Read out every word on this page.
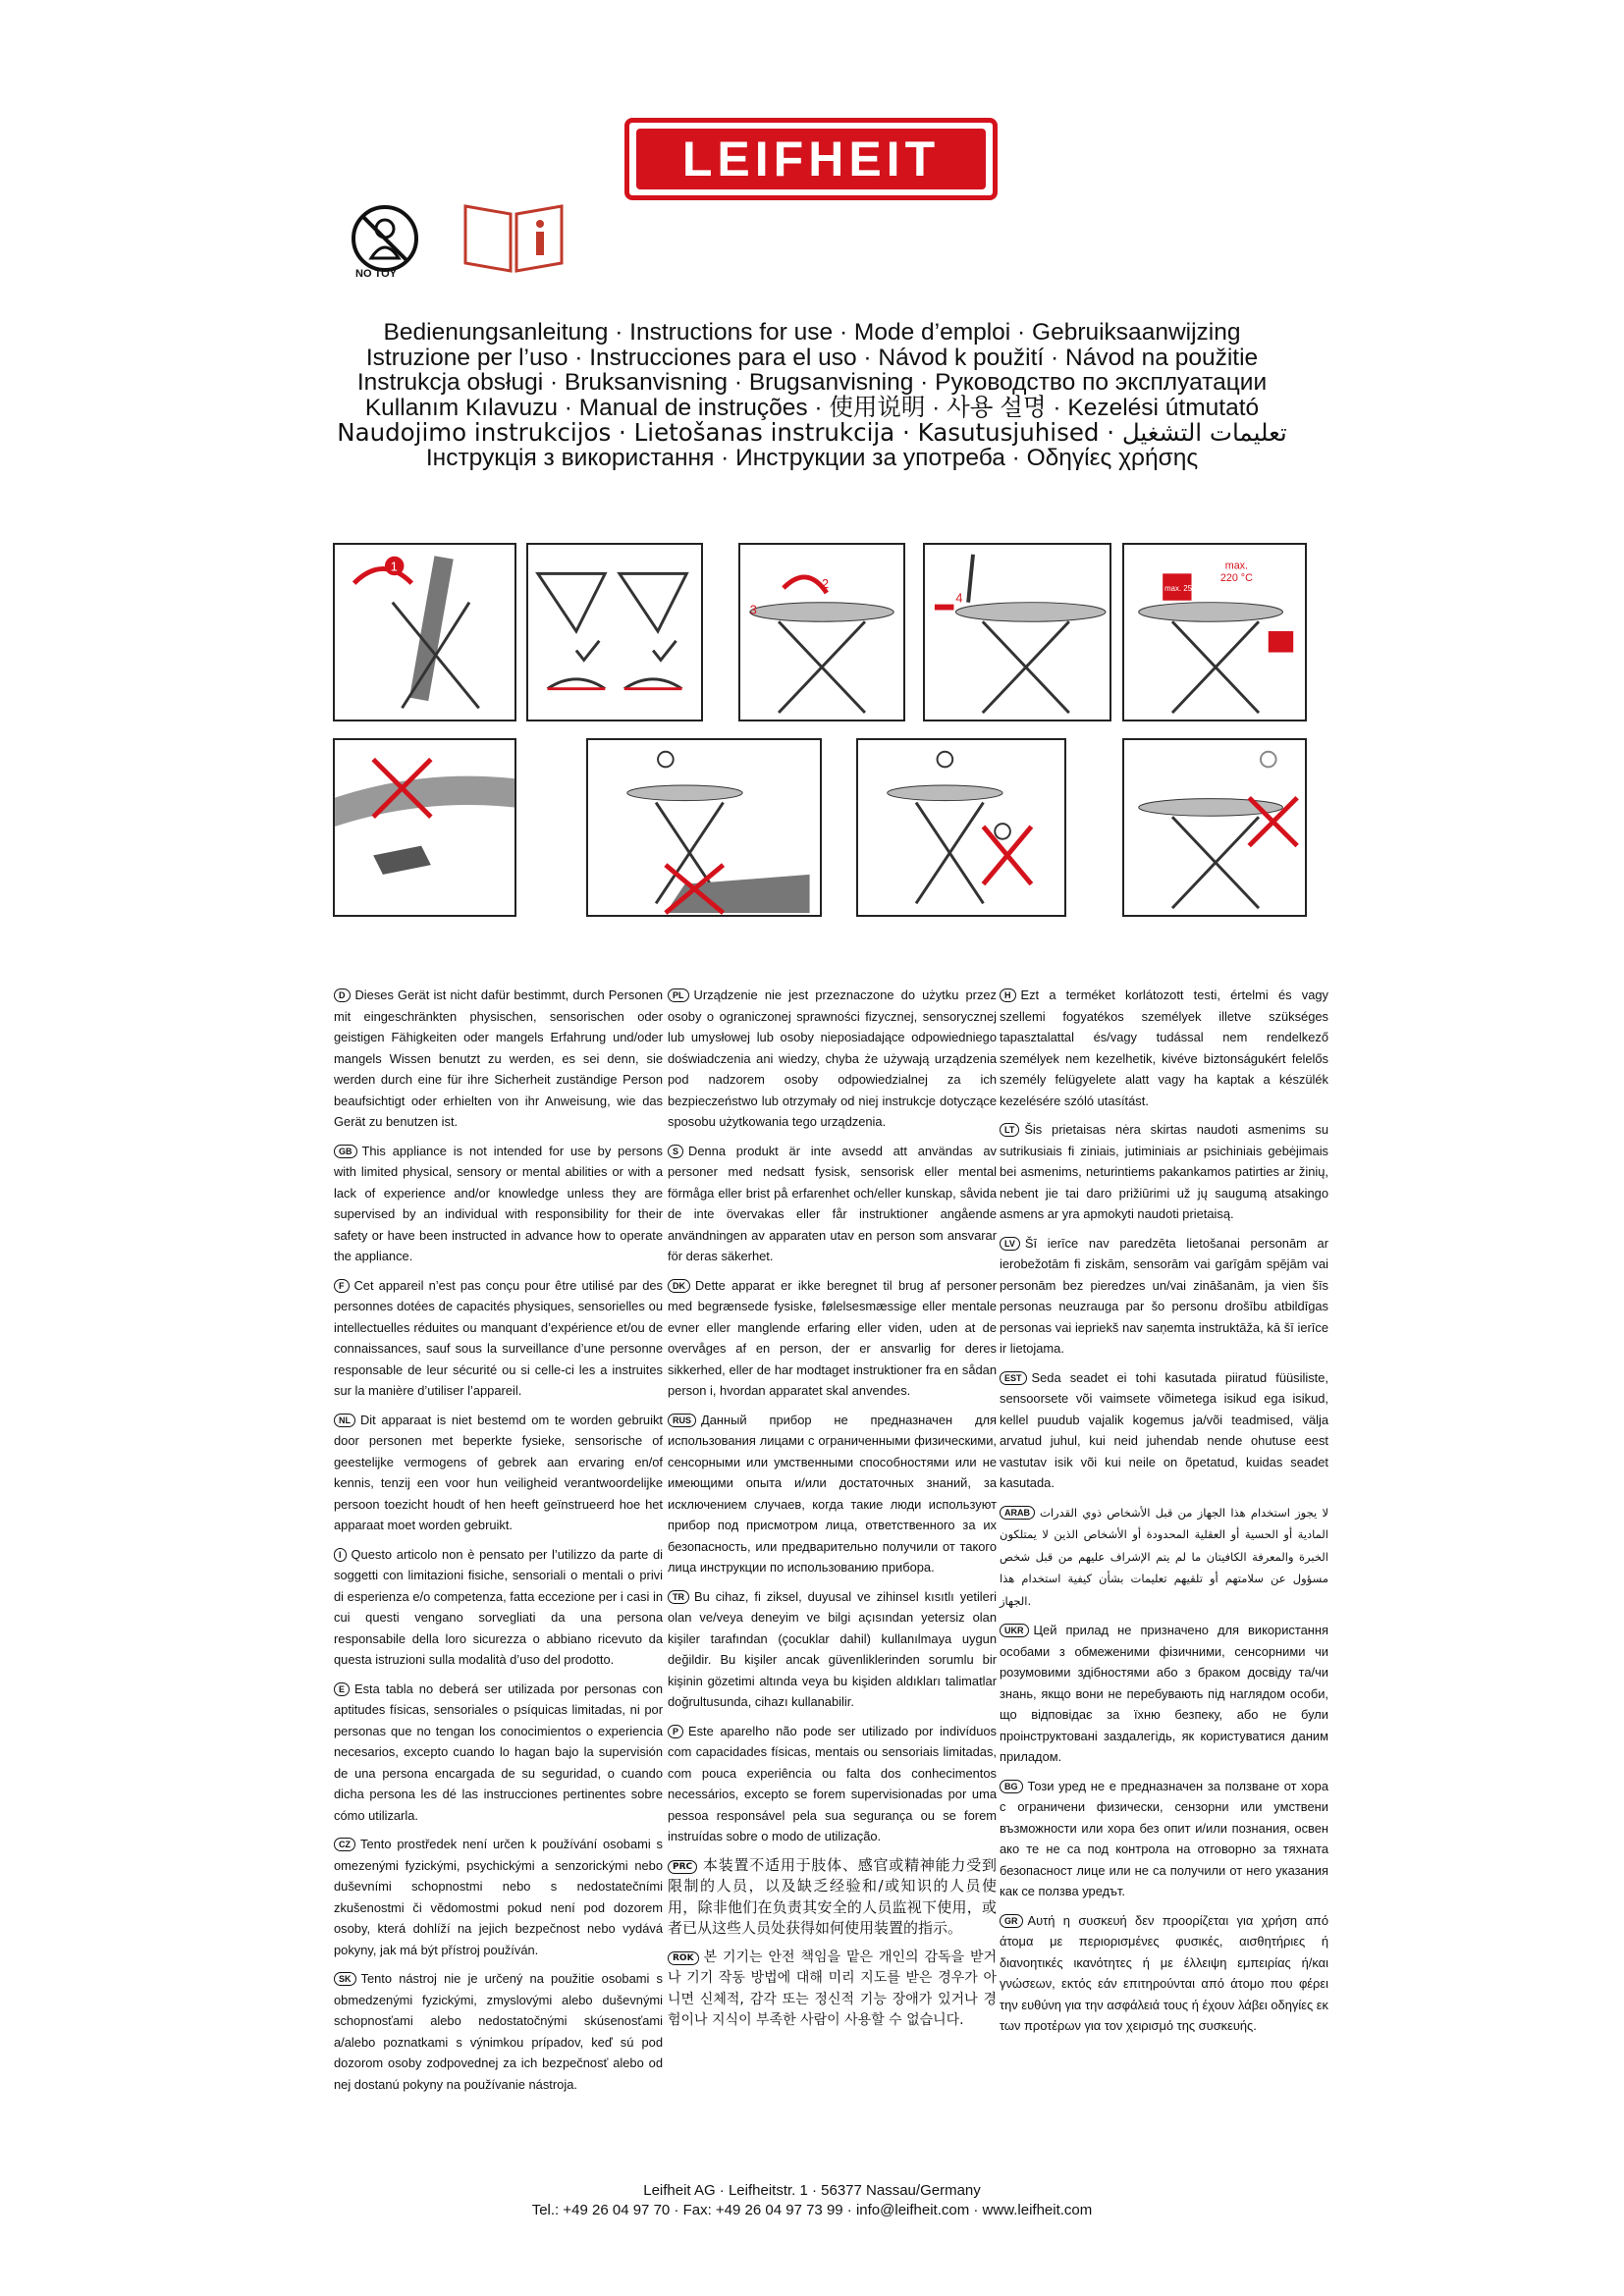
LEIFHEIT
NO TOY
Bedienungsanleitung · Instructions for use · Mode d’emploi · Gebruiksaanwijzing
Istruzione per l’uso · Instrucciones para el uso · Návod k použití · Návod na použitie
Instrukcja obsługi · Bruksanvisning · Brugsanvisning · Руководство по эксплуатации
Kullanım Kılavuzu · Manual de instruções · 使用说明 · 사용 설명 · Kezelési útmutató
Naudojimo instrukcijos · Lietošanas instrukcija · Kasutusjuhised · تعليمات التشغيل
Інструкція з використання · Инструкции за употреба · Οδηγίες χρήσης
1
3
2
4
max. 25 kg
max.
220 °C

D Dieses Gerät ist nicht dafür bestimmt, durch Personen mit eingeschränkten physischen, sensorischen oder geistigen Fähigkeiten oder mangels Erfahrung und/oder mangels Wissen benutzt zu werden, es sei denn, sie werden durch eine für ihre Sicherheit zuständige Person beaufsichtigt oder erhielten von ihr Anweisung, wie das Gerät zu benutzen ist.

GB This appliance is not intended for use by persons with limited physical, sensory or mental abilities or with a lack of experience and/or knowledge unless they are supervised by an individual with responsibility for their safety or have been instructed in advance how to operate the appliance.

F Cet appareil n’est pas conçu pour être utilisé par des personnes dotées de capacités physiques, sensorielles ou intellectuelles réduites ou manquant d’expérience et/ou de connaissances, sauf sous la surveillance d’une personne responsable de leur sécurité ou si celle-ci les a instruites sur la manière d’utiliser l’appareil.

NL Dit apparaat is niet bestemd om te worden gebruikt door personen met beperkte fysieke, sensorische of geestelijke vermogens of gebrek aan ervaring en/of kennis, tenzij een voor hun veiligheid verantwoordelijke persoon toezicht houdt of hen heeft geïnstrueerd hoe het apparaat moet worden gebruikt.

I Questo articolo non è pensato per l’utilizzo da parte di soggetti con limitazioni fisiche, sensoriali o mentali o privi di esperienza e/o competenza, fatta eccezione per i casi in cui questi vengano sorvegliati da una persona responsabile della loro sicurezza o abbiano ricevuto da questa istruzioni sulla modalità d’uso del prodotto.

E Esta tabla no deberá ser utilizada por personas con aptitudes físicas, sensoriales o psíquicas limitadas, ni por personas que no tengan los conocimientos o experiencia necesarios, excepto cuando lo hagan bajo la supervisión de una persona encargada de su seguridad, o cuando dicha persona les dé las instrucciones pertinentes sobre cómo utilizarla.

CZ Tento prostředek není určen k používání osobami s omezenými fyzickými, psychickými a senzorickými nebo duševními schopnostmi nebo s nedostatečními zkušenostmi či vědomostmi pokud není pod dozorem osoby, která dohlíží na jejich bezpečnost nebo vydává pokyny, jak má být přístroj používán.

SK Tento nástroj nie je určený na použitie osobami s obmedzenými fyzickými, zmyslovými alebo duševnými schopnosťami alebo nedostatočnými skúsenosťami a/alebo poznatkami s výnimkou prípadov, keď sú pod dozorom osoby zodpovednej za ich bezpečnosť alebo od nej dostanú pokyny na používanie nástroja.

PL Urządzenie nie jest przeznaczone do użytku przez osoby o ograniczonej sprawności fizycznej, sensorycznej lub umysłowej lub osoby nieposiadające odpowiedniego doświadczenia ani wiedzy, chyba że używają urządzenia pod nadzorem osoby odpowiedzialnej za ich bezpieczeństwo lub otrzymały od niej instrukcje dotyczące sposobu użytkowania tego urządzenia.

S Denna produkt är inte avsedd att användas av personer med nedsatt fysisk, sensorisk eller mental förmåga eller brist på erfarenhet och/eller kunskap, såvida de inte övervakas eller får instruktioner angående användningen av apparaten utav en person som ansvarar för deras säkerhet.

DK Dette apparat er ikke beregnet til brug af personer med begrænsede fysiske, følelsesmæssige eller mentale evner eller manglende erfaring eller viden, uden at de overvåges af en person, der er ansvarlig for deres sikkerhed, eller de har modtaget instruktioner fra en sådan person i, hvordan apparatet skal anvendes.

RUS Данный прибор не предназначен для использования лицами с ограниченными физическими, сенсорными или умственными способностями или не имеющими опыта и/или достаточных знаний, за исключением случаев, когда такие люди используют прибор под присмотром лица, ответственного за их безопасность, или предварительно получили от такого лица инструкции по использованию прибора.

TR Bu cihaz, fi ziksel, duyusal ve zihinsel kısıtlı yetileri olan ve/veya deneyim ve bilgi açısından yetersiz olan kişiler tarafından (çocuklar dahil) kullanılmaya uygun değildir. Bu kişiler ancak güvenliklerinden sorumlu bir kişinin gözetimi altında veya bu kişiden aldıkları talimatlar doğrultusunda, cihazı kullanabilir.

P Este aparelho não pode ser utilizado por indivíduos com capacidades físicas, mentais ou sensoriais limitadas, com pouca experiência ou falta dos conhecimentos necessários, excepto se forem supervisionadas por uma pessoa responsável pela sua segurança ou se forem instruídas sobre o modo de utilização.

PRC 本装置不适用于肢体、感官或精神能力受到限制的人员，以及缺乏经验和/或知识的人员使用，除非他们在负责其安全的人员监视下使用，或者已从这些人员处获得如何使用装置的指示。

ROK 본 기기는 안전 책임을 맡은 개인의 감독을 받거나 기기 작동 방법에 대해 미리 지도를 받은 경우가 아니면 신체적, 감각 또는 정신적 기능 장애가 있거나 경험이나 지식이 부족한 사람이 사용할 수 없습니다.

H Ezt a terméket korlátozott testi, értelmi és vagy szellemi fogyatékos személyek illetve szükséges tapasztalattal és/vagy tudással nem rendelkező személyek nem kezelhetik, kivéve biztonságukért felelős személy felügyelete alatt vagy ha kaptak a készülék kezelésére szóló utasítást.

LT Šis prietaisas nėra skirtas naudoti asmenims su sutrikusiais fi ziniais, jutiminiais ar psichiniais gebėjimais bei asmenims, neturintiems pakankamos patirties ar žinių, nebent jie tai daro prižiūrimi už jų saugumą atsakingo asmens ar yra apmokyti naudoti prietaisą.

LV Šī ierīce nav paredzēta lietošanai personām ar ierobežotām fi ziskām, sensorām vai garīgām spējām vai personām bez pieredzes un/vai zināšanām, ja vien šīs personas neuzrauga par šo personu drošību atbildīgas personas vai iepriekš nav saņemta instruktāža, kā šī ierīce ir lietojama.

EST Seda seadet ei tohi kasutada piiratud füüsiliste, sensoorsete või vaimsete võimetega isikud ega isikud, kellel puudub vajalik kogemus ja/või teadmised, välja arvatud juhul, kui neid juhendab nende ohutuse eest vastutav isik või kui neile on õpetatud, kuidas seadet kasutada.

ARAB لا يجوز استخدام هذا الجهاز من قبل الأشخاص ذوي القدرات المادية أو الحسية أو العقلية المحدودة أو الأشخاص الذين لا يمتلكون الخبرة والمعرفة الكافيتان ما لم يتم الإشراف عليهم من قبل شخص مسؤول عن سلامتهم أو تلقيهم تعليمات بشأن كيفية استخدام هذا الجهاز.

UKR Цей прилад не призначено для використання особами з обмеженими фізичними, сенсорними чи розумовими здібностями або з браком досвіду та/чи знань, якщо вони не перебувають під наглядом особи, що відповідає за їхню безпеку, або не були проінструктовані заздалегідь, як користуватися даним приладом.

BG Този уред не е предназначен за ползване от хора с ограничени физически, сензорни или умствени възможности или хора без опит и/или познания, освен ако те не са под контрола на отговорно за тяхната безопасност лице или не са получили от него указания как се ползва уредът.

GR Αυτή η συσκευή δεν προορίζεται για χρήση από άτομα με περιορισμένες φυσικές, αισθητήριες ή διανοητικές ικανότητες ή με έλλειψη εμπειρίας ή/και γνώσεων, εκτός εάν επιτηρούνται από άτομο που φέρει την ευθύνη για την ασφάλειά τους ή έχουν λάβει οδηγίες εκ των προτέρων για τον χειρισμό της συσκευής.

Leifheit AG · Leifheitstr. 1 · 56377 Nassau/Germany
Tel.: +49 26 04 97 70 · Fax: +49 26 04 97 73 99 · info@leifheit.com · www.leifheit.com
